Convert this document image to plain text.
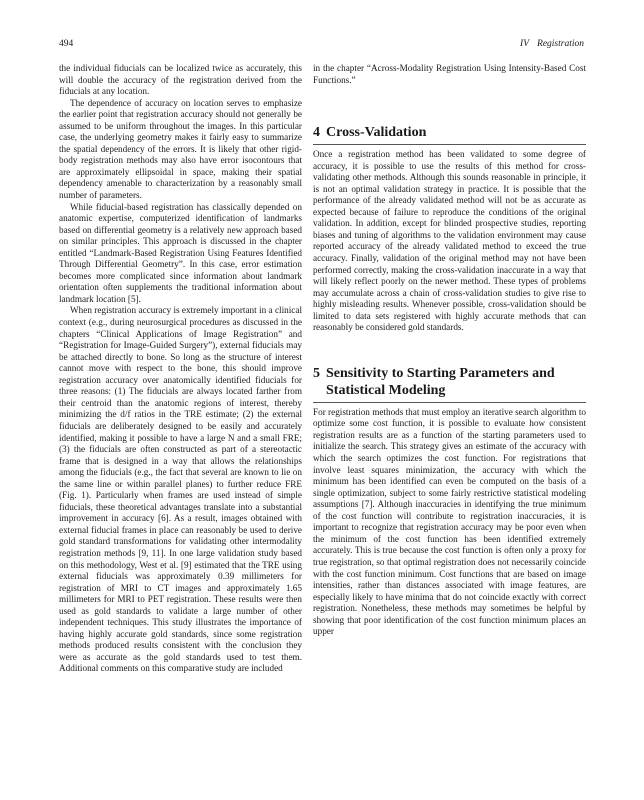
494	IV Registration

the individual fiducials can be localized twice as accurately, this will double the accuracy of the registration derived from the fiducials at any location.

The dependence of accuracy on location serves to emphasize the earlier point that registration accuracy should not generally be assumed to be uniform throughout the images. In this particular case, the underlying geometry makes it fairly easy to summarize the spatial dependency of the errors. It is likely that other rigid-body registration methods may also have error isocontours that are approximately ellipsoidal in space, making their spatial dependency amenable to characterization by a reasonably small number of parameters.

While fiducial-based registration has classically depended on anatomic expertise, computerized identification of landmarks based on differential geometry is a relatively new approach based on similar principles. This approach is discussed in the chapter entitled “Landmark-Based Registration Using Features Identified Through Differential Geometry”. In this case, error estimation becomes more complicated since information about landmark orientation often supplements the traditional information about landmark location [5].

When registration accuracy is extremely important in a clinical context (e.g., during neurosurgical procedures as discussed in the chapters “Clinical Applications of Image Registration” and “Registration for Image-Guided Surgery”), external fiducials may be attached directly to bone. So long as the structure of interest cannot move with respect to the bone, this should improve registration accuracy over anatomically identified fiducials for three reasons: (1) The fiducials are always located farther from their centroid than the anatomic regions of interest, thereby minimizing the d/f ratios in the TRE estimate; (2) the external fiducials are deliberately designed to be easily and accurately identified, making it possible to have a large N and a small FRE; (3) the fiducials are often constructed as part of a stereotactic frame that is designed in a way that allows the relationships among the fiducials (e.g., the fact that several are known to lie on the same line or within parallel planes) to further reduce FRE (Fig. 1). Particularly when frames are used instead of simple fiducials, these theoretical advantages translate into a substantial improvement in accuracy [6]. As a result, images obtained with external fiducial frames in place can reasonably be used to derive gold standard transformations for validating other intermodality registration methods [9, 11]. In one large validation study based on this methodology, West et al. [9] estimated that the TRE using external fiducials was approximately 0.39 millimeters for registration of MRI to CT images and approximately 1.65 millimeters for MRI to PET registration. These results were then used as gold standards to validate a large number of other independent techniques. This study illustrates the importance of having highly accurate gold standards, since some registration methods produced results consistent with the conclusion they were as accurate as the gold standards used to test them. Additional comments on this comparative study are included

in the chapter “Across-Modality Registration Using Intensity-Based Cost Functions.”

4 Cross-Validation

Once a registration method has been validated to some degree of accuracy, it is possible to use the results of this method for cross-validating other methods. Although this sounds reasonable in principle, it is not an optimal validation strategy in practice. It is possible that the performance of the already validated method will not be as accurate as expected because of failure to reproduce the conditions of the original validation. In addition, except for blinded prospective studies, reporting biases and tuning of algorithms to the validation environment may cause reported accuracy of the already validated method to exceed the true accuracy. Finally, validation of the original method may not have been performed correctly, making the cross-validation inaccurate in a way that will likely reflect poorly on the newer method. These types of problems may accumulate across a chain of cross-validation studies to give rise to highly misleading results. Whenever possible, cross-validation should be limited to data sets registered with highly accurate methods that can reasonably be considered gold standards.

5 Sensitivity to Starting Parameters and
Statistical Modeling

For registration methods that must employ an iterative search algorithm to optimize some cost function, it is possible to evaluate how consistent registration results are as a function of the starting parameters used to initialize the search. This strategy gives an estimate of the accuracy with which the search optimizes the cost function. For registrations that involve least squares minimization, the accuracy with which the minimum has been identified can even be computed on the basis of a single optimization, subject to some fairly restrictive statistical modeling assumptions [7]. Although inaccuracies in identifying the true minimum of the cost function will contribute to registration inaccuracies, it is important to recognize that registration accuracy may be poor even when the minimum of the cost function has been identified extremely accurately. This is true because the cost function is often only a proxy for true registration, so that optimal registration does not necessarily coincide with the cost function minimum. Cost functions that are based on image intensities, rather than distances associated with image features, are especially likely to have minima that do not coincide exactly with correct registration. Nonetheless, these methods may sometimes be helpful by showing that poor identification of the cost function minimum places an upper
